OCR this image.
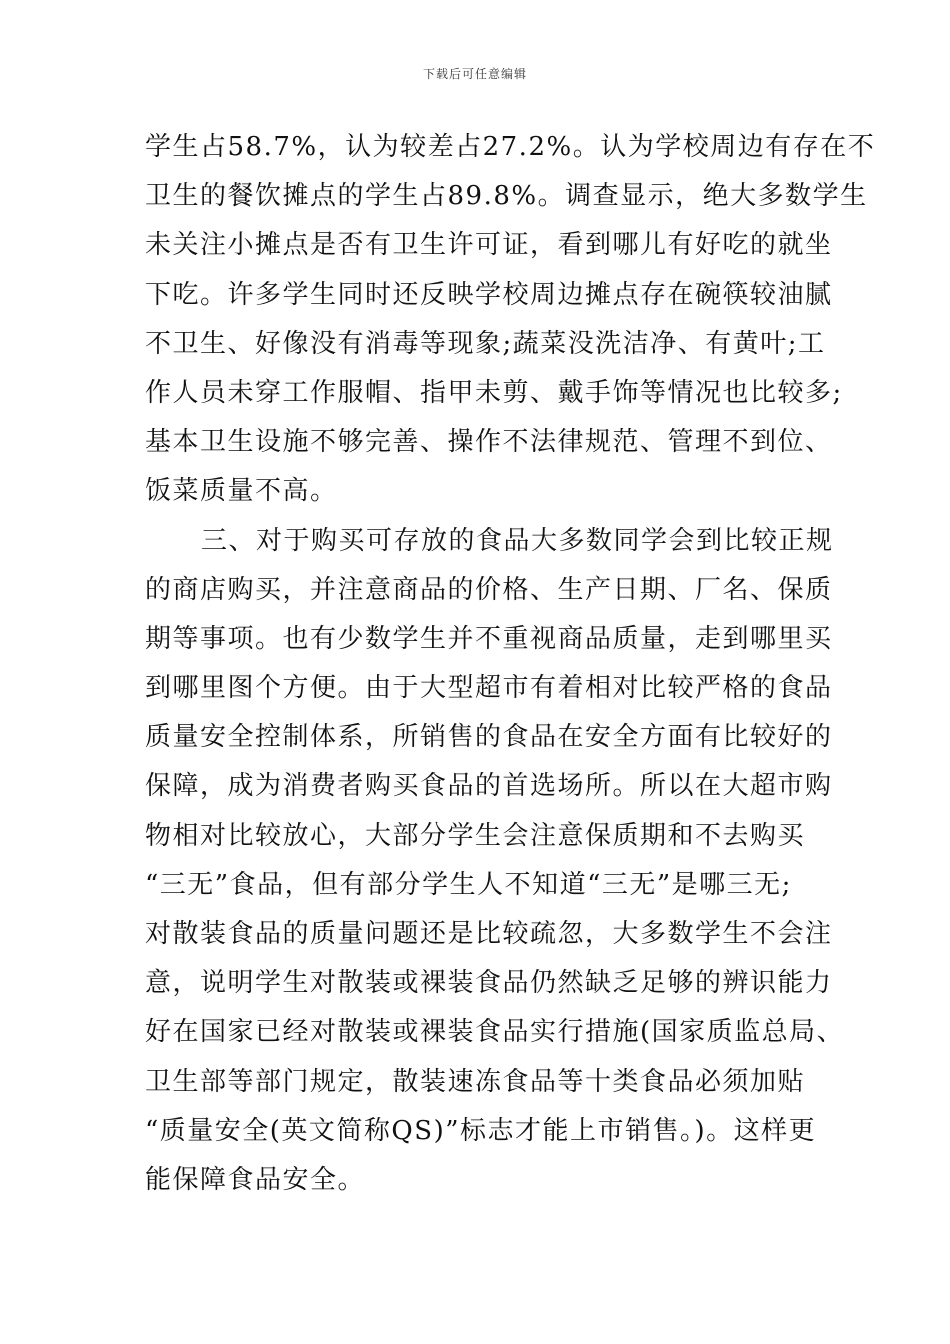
下载后可任意编辑
学生占58.7%，认为较差占27.2%。认为学校周边有存在不
卫生的餐饮摊点的学生占89.8%。调查显示，绝大多数学生
未关注小摊点是否有卫生许可证，看到哪儿有好吃的就坐
下吃。许多学生同时还反映学校周边摊点存在碗筷较油腻
不卫生、好像没有消毒等现象;蔬菜没洗洁净、有黄叶;工
作人员未穿工作服帽、指甲未剪、戴手饰等情况也比较多;
基本卫生设施不够完善、操作不法律规范、管理不到位、
饭菜质量不高。
三、对于购买可存放的食品大多数同学会到比较正规
的商店购买，并注意商品的价格、生产日期、厂名、保质
期等事项。也有少数学生并不重视商品质量，走到哪里买
到哪里图个方便。由于大型超市有着相对比较严格的食品
质量安全控制体系，所销售的食品在安全方面有比较好的
保障，成为消费者购买食品的首选场所。所以在大超市购
物相对比较放心，大部分学生会注意保质期和不去购买
“三无”食品，但有部分学生人不知道“三无”是哪三无;
对散装食品的质量问题还是比较疏忽，大多数学生不会注
意，说明学生对散装或裸装食品仍然缺乏足够的辨识能力
好在国家已经对散装或裸装食品实行措施(国家质监总局、
卫生部等部门规定，散装速冻食品等十类食品必须加贴
“质量安全(英文简称QS)”标志才能上市销售。)。这样更
能保障食品安全。
